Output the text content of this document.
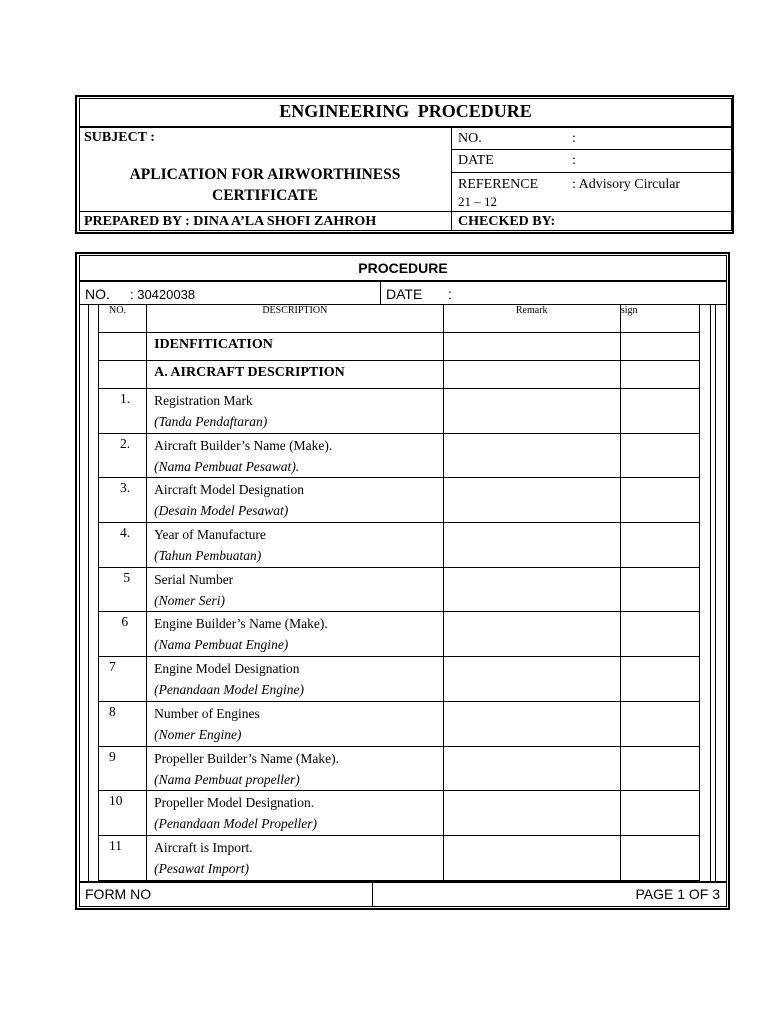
ENGINEERING PROCEDURE
SUBJECT :
APLICATION FOR AIRWORTHINESS
CERTIFICATE
NO.	:
DATE	:
REFERENCE : Advisory Circular
21 – 12
PREPARED BY : DINA A’LA SHOFI ZAHROH	CHECKED BY:
PROCEDURE
NO. : 30420038	DATE :
NO.	DESCRIPTION	Remark	sign
	IDENFITICATION		
	A. AIRCRAFT DESCRIPTION		
1.	Registration Mark
(Tanda Pendaftaran)		

2.	Aircraft Builder’s Name (Make).
(Nama Pembuat Pesawat).		

3.	Aircraft Model Designation
(Desain Model Pesawat)		

4.	Year of Manufacture
(Tahun Pembuatan)		

5	Serial Number
(Nomer Seri)		

6	Engine Builder’s Name (Make).
(Nama Pembuat Engine)		

7	Engine Model Designation
(Penandaan Model Engine)		

8	Number of Engines
(Nomer Engine)		

9	Propeller Builder’s Name (Make).
(Nama Pembuat propeller)		

10	Propeller Model Designation.
(Penandaan Model Propeller)		

11	Aircraft is Import.
(Pesawat Import)		

FORM NO	PAGE 1 OF 3
